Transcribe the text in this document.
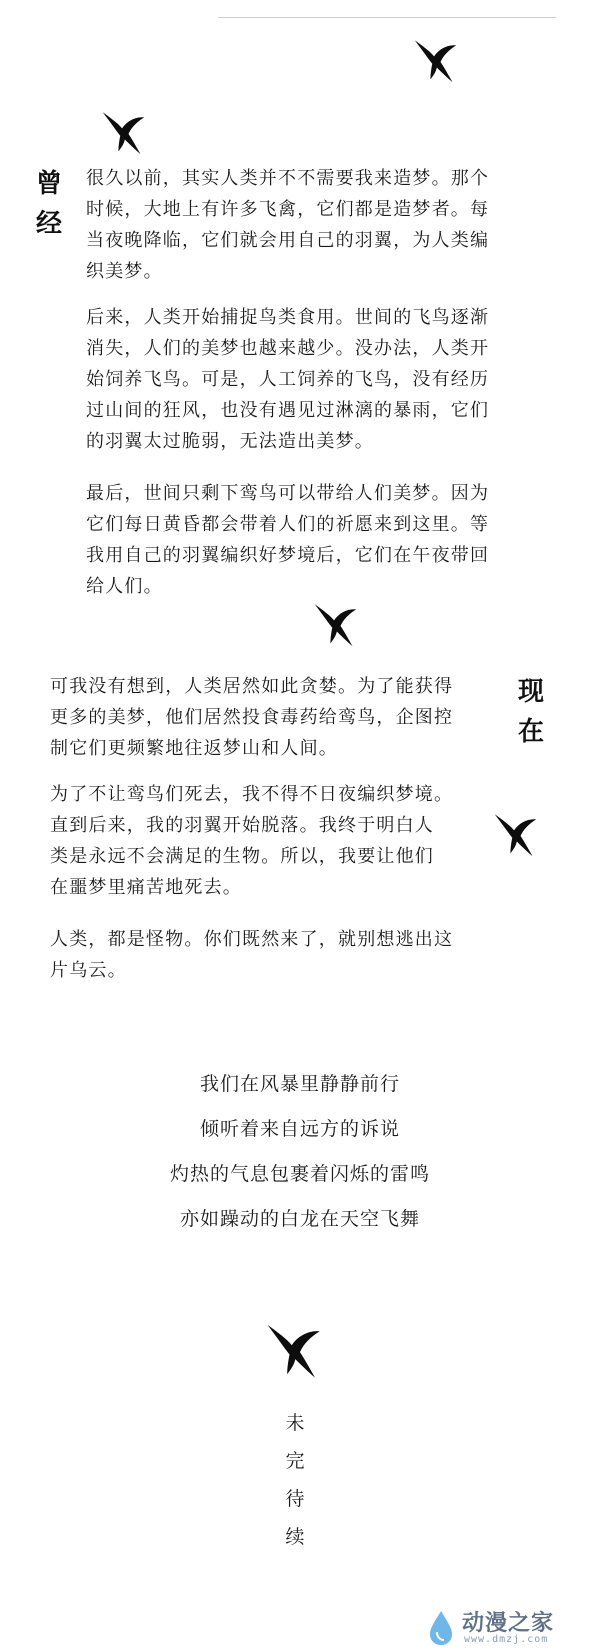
曾
经
很久以前，其实人类并不不需要我来造梦。那个
时候，大地上有许多飞禽，它们都是造梦者。每
当夜晚降临，它们就会用自己的羽翼，为人类编
织美梦。
后来，人类开始捕捉鸟类食用。世间的飞鸟逐渐
消失，人们的美梦也越来越少。没办法，人类开
始饲养飞鸟。可是，人工饲养的飞鸟，没有经历
过山间的狂风，也没有遇见过淋漓的暴雨，它们
的羽翼太过脆弱，无法造出美梦。
最后，世间只剩下鸾鸟可以带给人们美梦。因为
它们每日黄昏都会带着人们的祈愿来到这里。等
我用自己的羽翼编织好梦境后，它们在午夜带回
给人们。
现
在
可我没有想到，人类居然如此贪婪。为了能获得
更多的美梦，他们居然投食毒药给鸾鸟，企图控
制它们更频繁地往返梦山和人间。
为了不让鸾鸟们死去，我不得不日夜编织梦境。
直到后来，我的羽翼开始脱落。我终于明白人
类是永远不会满足的生物。所以，我要让他们
在噩梦里痛苦地死去。
人类，都是怪物。你们既然来了，就别想逃出这
片乌云。
我们在风暴里静静前行
倾听着来自远方的诉说
灼热的气息包裹着闪烁的雷鸣
亦如躁动的白龙在天空飞舞
未
完
待
续
动漫之家
www.dmzj.com
